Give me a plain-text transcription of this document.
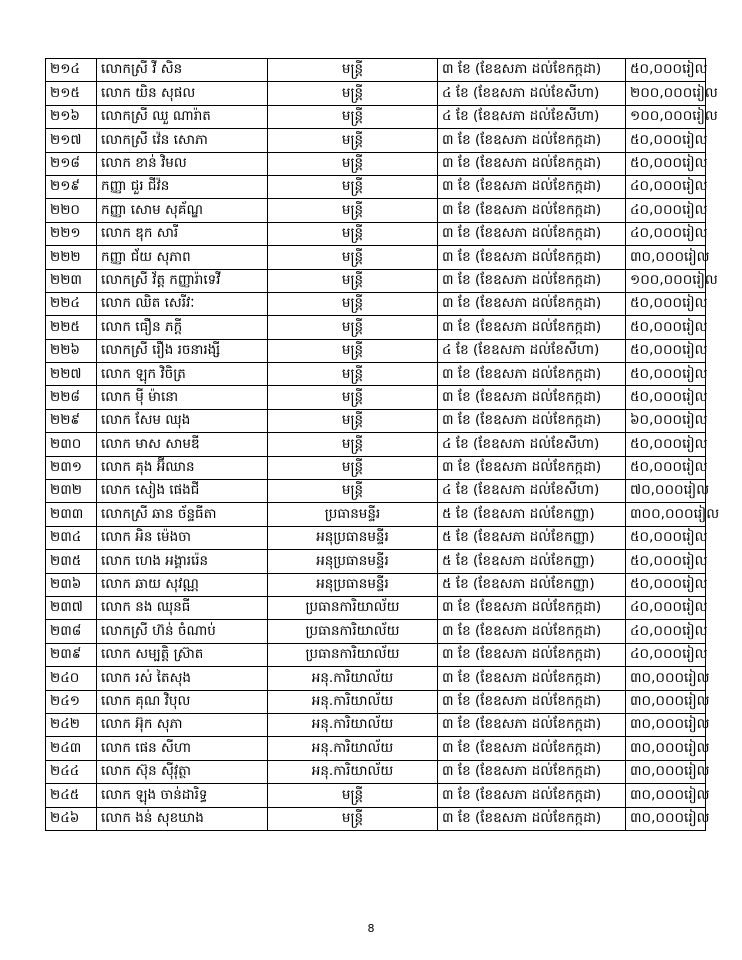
២១៤	លោកស្រី វី សិន	មន្ត្រី	៣ ខែ (ខែឧសភា ដល់ខែកក្កដា)	៥០,០០០រៀល
២១៥	លោក យិន សុផល	មន្ត្រី	៤ ខែ (ខែឧសភា ដល់ខែសីហា)	២០០,០០០រៀល
២១៦	លោកស្រី ឈួ ណារ៉ាត	មន្ត្រី	៤ ខែ (ខែឧសភា ដល់ខែសីហា)	១០០,០០០រៀល
២១៧	លោកស្រី វ៉េន សោភា	មន្ត្រី	៣ ខែ (ខែឧសភា ដល់ខែកក្កដា)	៥០,០០០រៀល
២១៨	លោក ខាន់ វិមល	មន្ត្រី	៣ ខែ (ខែឧសភា ដល់ខែកក្កដា)	៥០,០០០រៀល
២១៩	កញ្ញា ជួរ ជីវ៉ន	មន្ត្រី	៣ ខែ (ខែឧសភា ដល់ខែកក្កដា)	៤០,០០០រៀល
២២០	កញ្ញា សោម សុគ័ណ្ឌ	មន្ត្រី	៣ ខែ (ខែឧសភា ដល់ខែកក្កដា)	៤០,០០០រៀល
២២១	លោក ឌុក សារី	មន្ត្រី	៣ ខែ (ខែឧសភា ដល់ខែកក្កដា)	៤០,០០០រៀល
២២២	កញ្ញា ជ័យ សុភាព	មន្ត្រី	៣ ខែ (ខែឧសភា ដល់ខែកក្កដា)	៣០,០០០រៀល
២២៣	លោកស្រី វ័ត្ត កញ្ញារ៉ាទេវី	មន្ត្រី	៣ ខែ (ខែឧសភា ដល់ខែកក្កដា)	១០០,០០០រៀល
២២៤	លោក ឈិត សេរីវៈ	មន្ត្រី	៣ ខែ (ខែឧសភា ដល់ខែកក្កដា)	៥០,០០០រៀល
២២៥	លោក ធឿន ភក្តី	មន្ត្រី	៣ ខែ (ខែឧសភា ដល់ខែកក្កដា)	៥០,០០០រៀល
២២៦	លោកស្រី រឿង រចនារង្សី	មន្ត្រី	៤ ខែ (ខែឧសភា ដល់ខែសីហា)	៥០,០០០រៀល
២២៧	លោក ឡុក វិចិត្រ	មន្ត្រី	៣ ខែ (ខែឧសភា ដល់ខែកក្កដា)	៥០,០០០រៀល
២២៨	លោក ម៉ី ម៉ានោ	មន្ត្រី	៣ ខែ (ខែឧសភា ដល់ខែកក្កដា)	៥០,០០០រៀល
២២៩	លោក សែម ឈុង	មន្ត្រី	៣ ខែ (ខែឧសភា ដល់ខែកក្កដា)	៦០,០០០រៀល
២៣០	លោក មាស សាមឌី	មន្ត្រី	៤ ខែ (ខែឧសភា ដល់ខែសីហា)	៥០,០០០រៀល
២៣១	លោក គុង អ៊ីឈាន	មន្ត្រី	៣ ខែ (ខែឧសភា ដល់ខែកក្កដា)	៥០,០០០រៀល
២៣២	លោក សៀង ផេងជី	មន្ត្រី	៤ ខែ (ខែឧសភា ដល់ខែសីហា)	៧០,០០០រៀល
២៣៣	លោកស្រី ឆាន ច័ន្ទធីតា	ប្រធានមន្ទីរ	៥ ខែ (ខែឧសភា ដល់ខែកញ្ញា)	៣០០,០០០រៀល
២៣៤	លោក អិន ម៉េងចា	អនុប្រធានមន្ទីរ	៥ ខែ (ខែឧសភា ដល់ខែកញ្ញា)	៥០,០០០រៀល
២៣៥	លោក ហេង អង្គាររ៉េន	អនុប្រធានមន្ទីរ	៥ ខែ (ខែឧសភា ដល់ខែកញ្ញា)	៥០,០០០រៀល
២៣៦	លោក ឆាយ សុវណ្ណ	អនុប្រធានមន្ទីរ	៥ ខែ (ខែឧសភា ដល់ខែកញ្ញា)	៥០,០០០រៀល
២៣៧	លោក នង ឈុនធី	ប្រធានការិយាល័យ	៣ ខែ (ខែឧសភា ដល់ខែកក្កដា)	៤០,០០០រៀល
២៣៨	លោកស្រី ហ៊ន់ ចំណាប់	ប្រធានការិយាល័យ	៣ ខែ (ខែឧសភា ដល់ខែកក្កដា)	៤០,០០០រៀល
២៣៩	លោក សម្បត្តិ ស្រ៊ាត	ប្រធានការិយាល័យ	៣ ខែ (ខែឧសភា ដល់ខែកក្កដា)	៤០,០០០រៀល
២៤០	លោក រស់ តៃសុង	អនុ.ការិយាល័យ	៣ ខែ (ខែឧសភា ដល់ខែកក្កដា)	៣០,០០០រៀល
២៤១	លោក គុណ វិបុល	អនុ.ការិយាល័យ	៣ ខែ (ខែឧសភា ដល់ខែកក្កដា)	៣០,០០០រៀល
២៤២	លោក អ៊ុក សុភា	អនុ.ការិយាល័យ	៣ ខែ (ខែឧសភា ដល់ខែកក្កដា)	៣០,០០០រៀល
២៤៣	លោក ផេន សីហា	អនុ.ការិយាល័យ	៣ ខែ (ខែឧសភា ដល់ខែកក្កដា)	៣០,០០០រៀល
២៤៤	លោក ស៊ុន ស៊ីវុត្ថា	អនុ.ការិយាល័យ	៣ ខែ (ខែឧសភា ដល់ខែកក្កដា)	៣០,០០០រៀល
២៤៥	លោក ឡុង ចាន់ដារិទ្ធ	មន្ត្រី	៣ ខែ (ខែឧសភា ដល់ខែកក្កដា)	៣០,០០០រៀល
២៤៦	លោក ងន់ សុខឃាង	មន្ត្រី	៣ ខែ (ខែឧសភា ដល់ខែកក្កដា)	៣០,០០០រៀល
8
